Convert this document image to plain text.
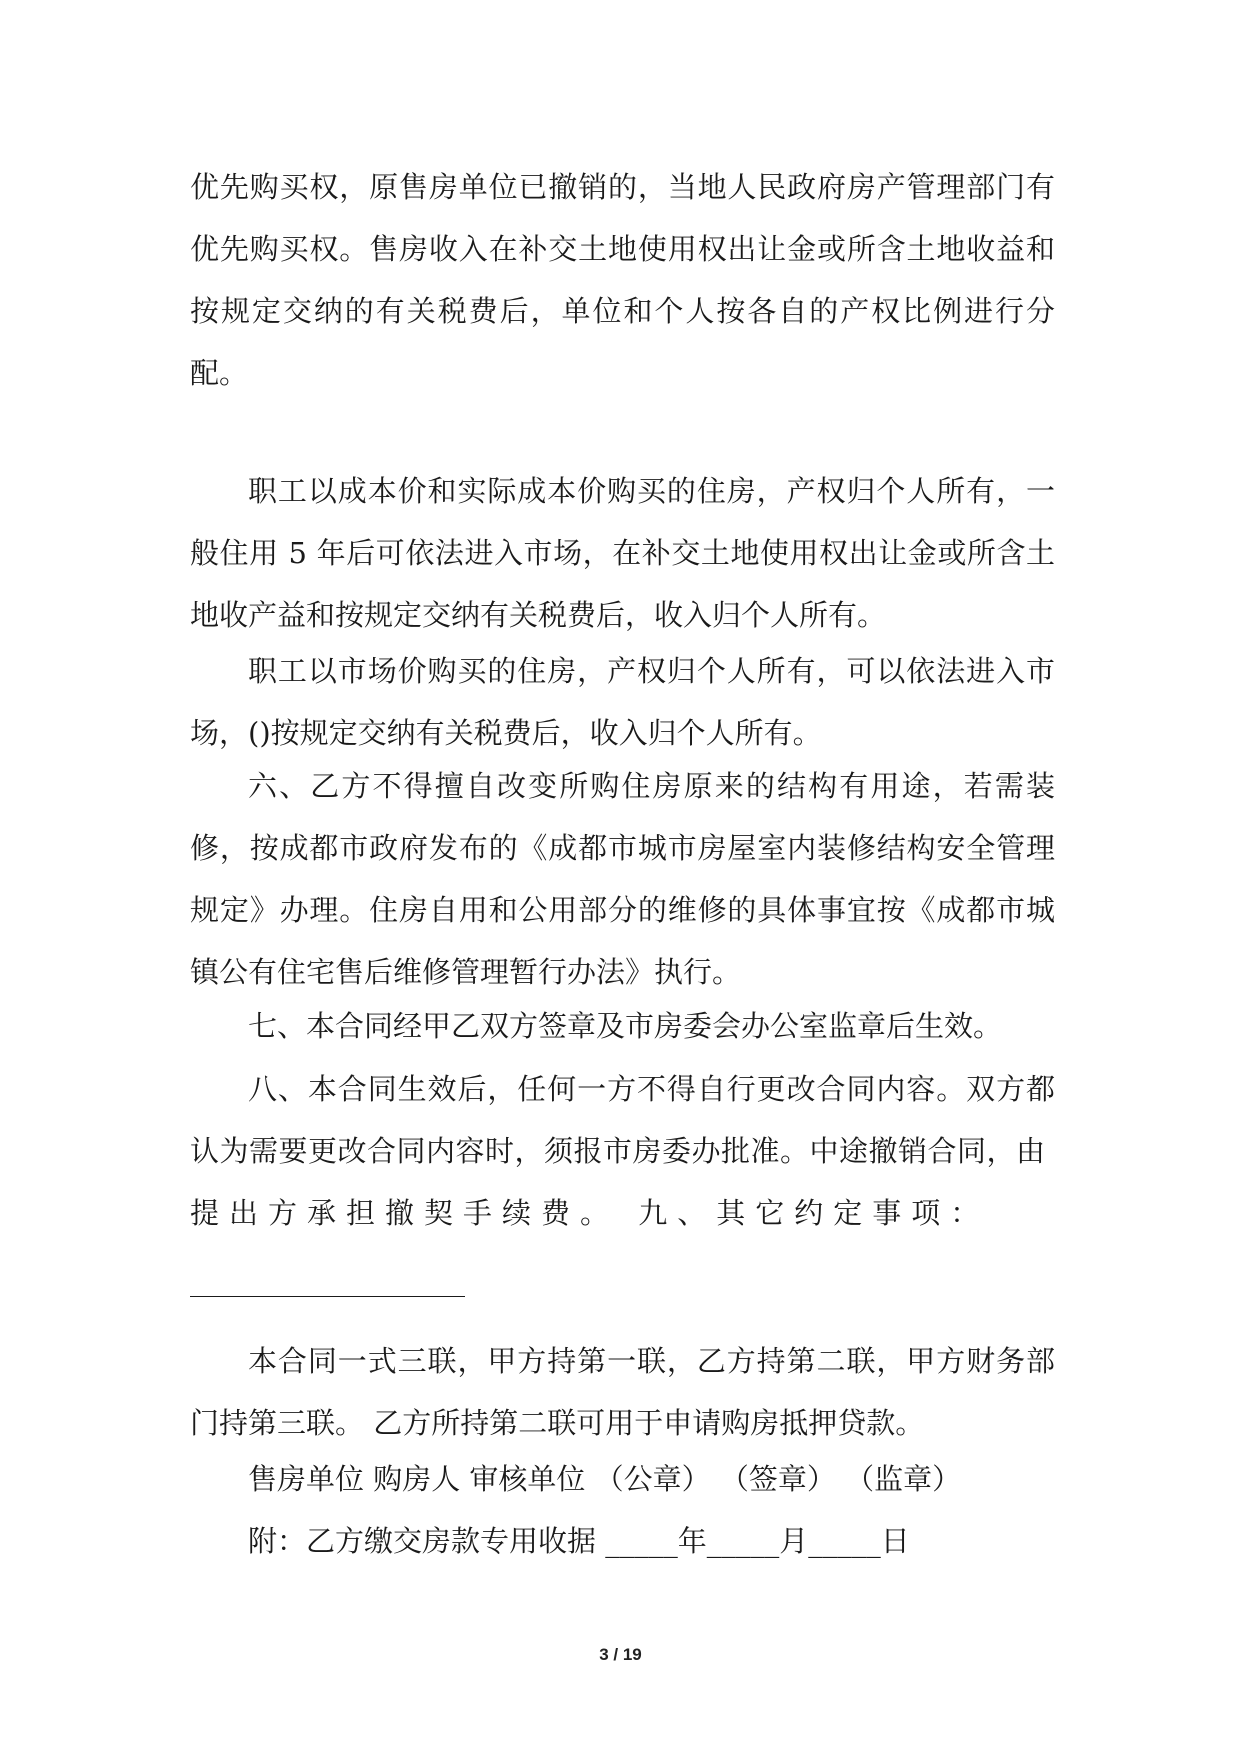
优先购买权，原售房单位已撤销的，当地人民政府房产管理部门有优先购买权。售房收入在补交土地使用权出让金或所含土地收益和按规定交纳的有关税费后，单位和个人按各自的产权比例进行分配。
职工以成本价和实际成本价购买的住房，产权归个人所有，一般住用 5 年后可依法进入市场，在补交土地使用权出让金或所含土地收产益和按规定交纳有关税费后，收入归个人所有。
职工以市场价购买的住房，产权归个人所有，可以依法进入市场，()按规定交纳有关税费后，收入归个人所有。
六、乙方不得擅自改变所购住房原来的结构有用途，若需装修，按成都市政府发布的《成都市城市房屋室内装修结构安全管理规定》办理。住房自用和公用部分的维修的具体事宜按《成都市城镇公有住宅售后维修管理暂行办法》执行。
七、本合同经甲乙双方签章及市房委会办公室监章后生效。
八、本合同生效后，任何一方不得自行更改合同内容。双方都认为需要更改合同内容时，须报市房委办批准。中途撤销合同，由提出方承担撤契手续费。 九、其它约定事项：
本合同一式三联，甲方持第一联，乙方持第二联，甲方财务部门持第三联。 乙方所持第二联可用于申请购房抵押贷款。
售房单位 购房人 审核单位 （公章） （签章） （监章）
附：乙方缴交房款专用收据 _____年_____月_____日
3 / 19
